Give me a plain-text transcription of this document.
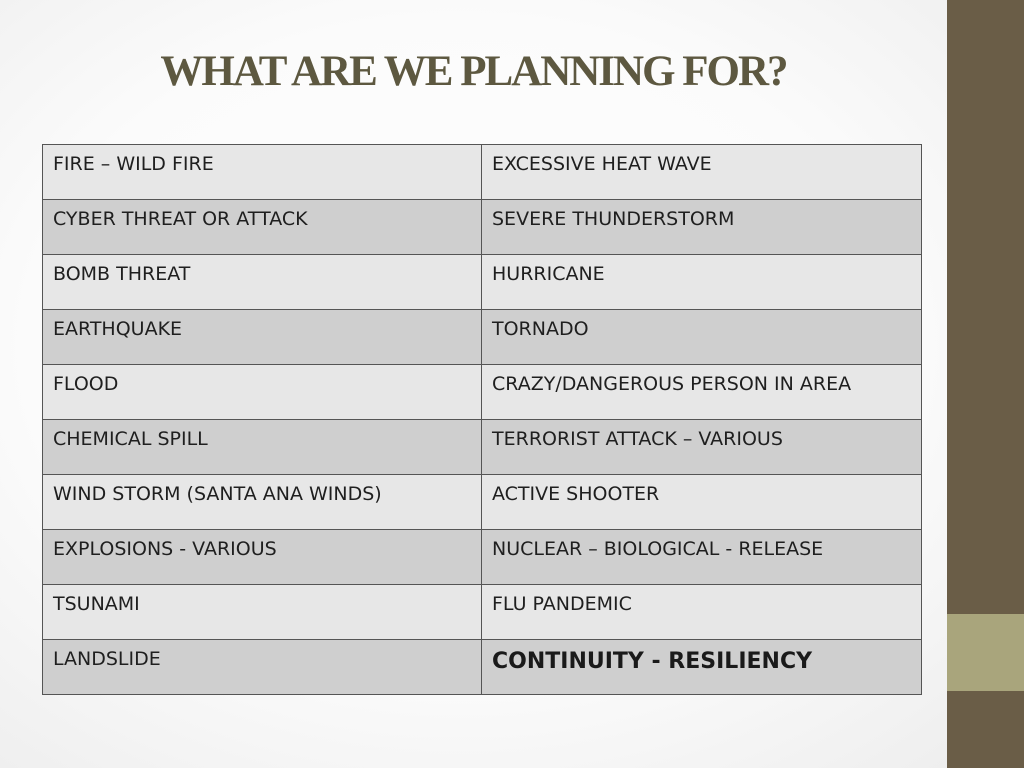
WHAT ARE WE PLANNING FOR?
FIRE – WILD FIRE	EXCESSIVE HEAT WAVE
CYBER THREAT OR ATTACK	SEVERE THUNDERSTORM
BOMB THREAT	HURRICANE
EARTHQUAKE	TORNADO
FLOOD	CRAZY/DANGEROUS PERSON IN AREA
CHEMICAL SPILL	TERRORIST ATTACK – VARIOUS
WIND STORM (SANTA ANA WINDS)	ACTIVE SHOOTER
EXPLOSIONS - VARIOUS	NUCLEAR – BIOLOGICAL - RELEASE
TSUNAMI	FLU PANDEMIC
LANDSLIDE	CONTINUITY - RESILIENCY
